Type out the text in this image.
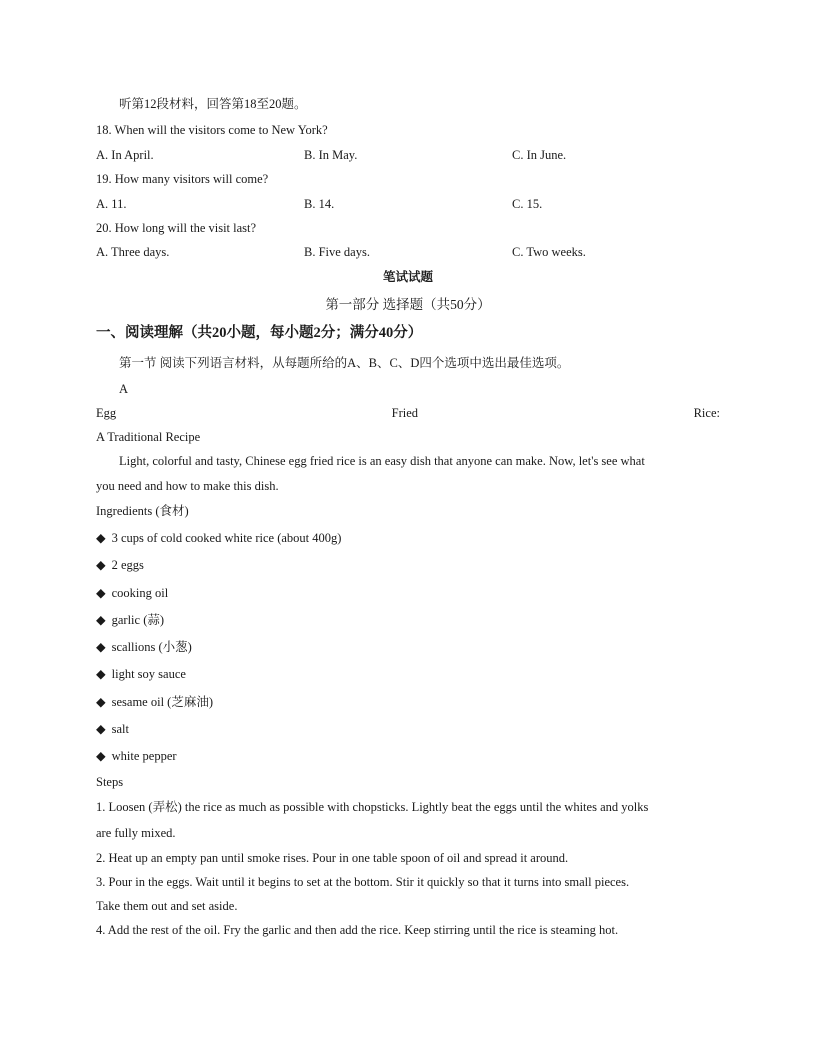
听第12段材料，回答第18至20题。
18. When will the visitors come to New York?
A. In April.	B. In May.	C. In June.
19. How many visitors will come?
A. 11.	B. 14.	C. 15.
20. How long will the visit last?
A. Three days.	B. Five days.	C. Two weeks.
笔试试题
第一部分 选择题（共50分）
一、阅读理解（共20小题，每小题2分；满分40分）
第一节 阅读下列语言材料，从每题所给的A、B、C、D四个选项中选出最佳选项。
A
Egg	Fried	Rice:
A Traditional Recipe
Light, colorful and tasty, Chinese egg fried rice is an easy dish that anyone can make. Now, let's see what
you need and how to make this dish.
Ingredients (食材)
◆ 3 cups of cold cooked white rice (about 400g)
◆ 2 eggs
◆ cooking oil
◆ garlic (蒜)
◆ scallions (小葱)
◆ light soy sauce
◆ sesame oil (芝麻油)
◆ salt
◆ white pepper
Steps
1. Loosen (弄松) the rice as much as possible with chopsticks. Lightly beat the eggs until the whites and yolks
are fully mixed.
2. Heat up an empty pan until smoke rises. Pour in one table spoon of oil and spread it around.
3. Pour in the eggs. Wait until it begins to set at the bottom. Stir it quickly so that it turns into small pieces.
Take them out and set aside.
4. Add the rest of the oil. Fry the garlic and then add the rice. Keep stirring until the rice is steaming hot.
